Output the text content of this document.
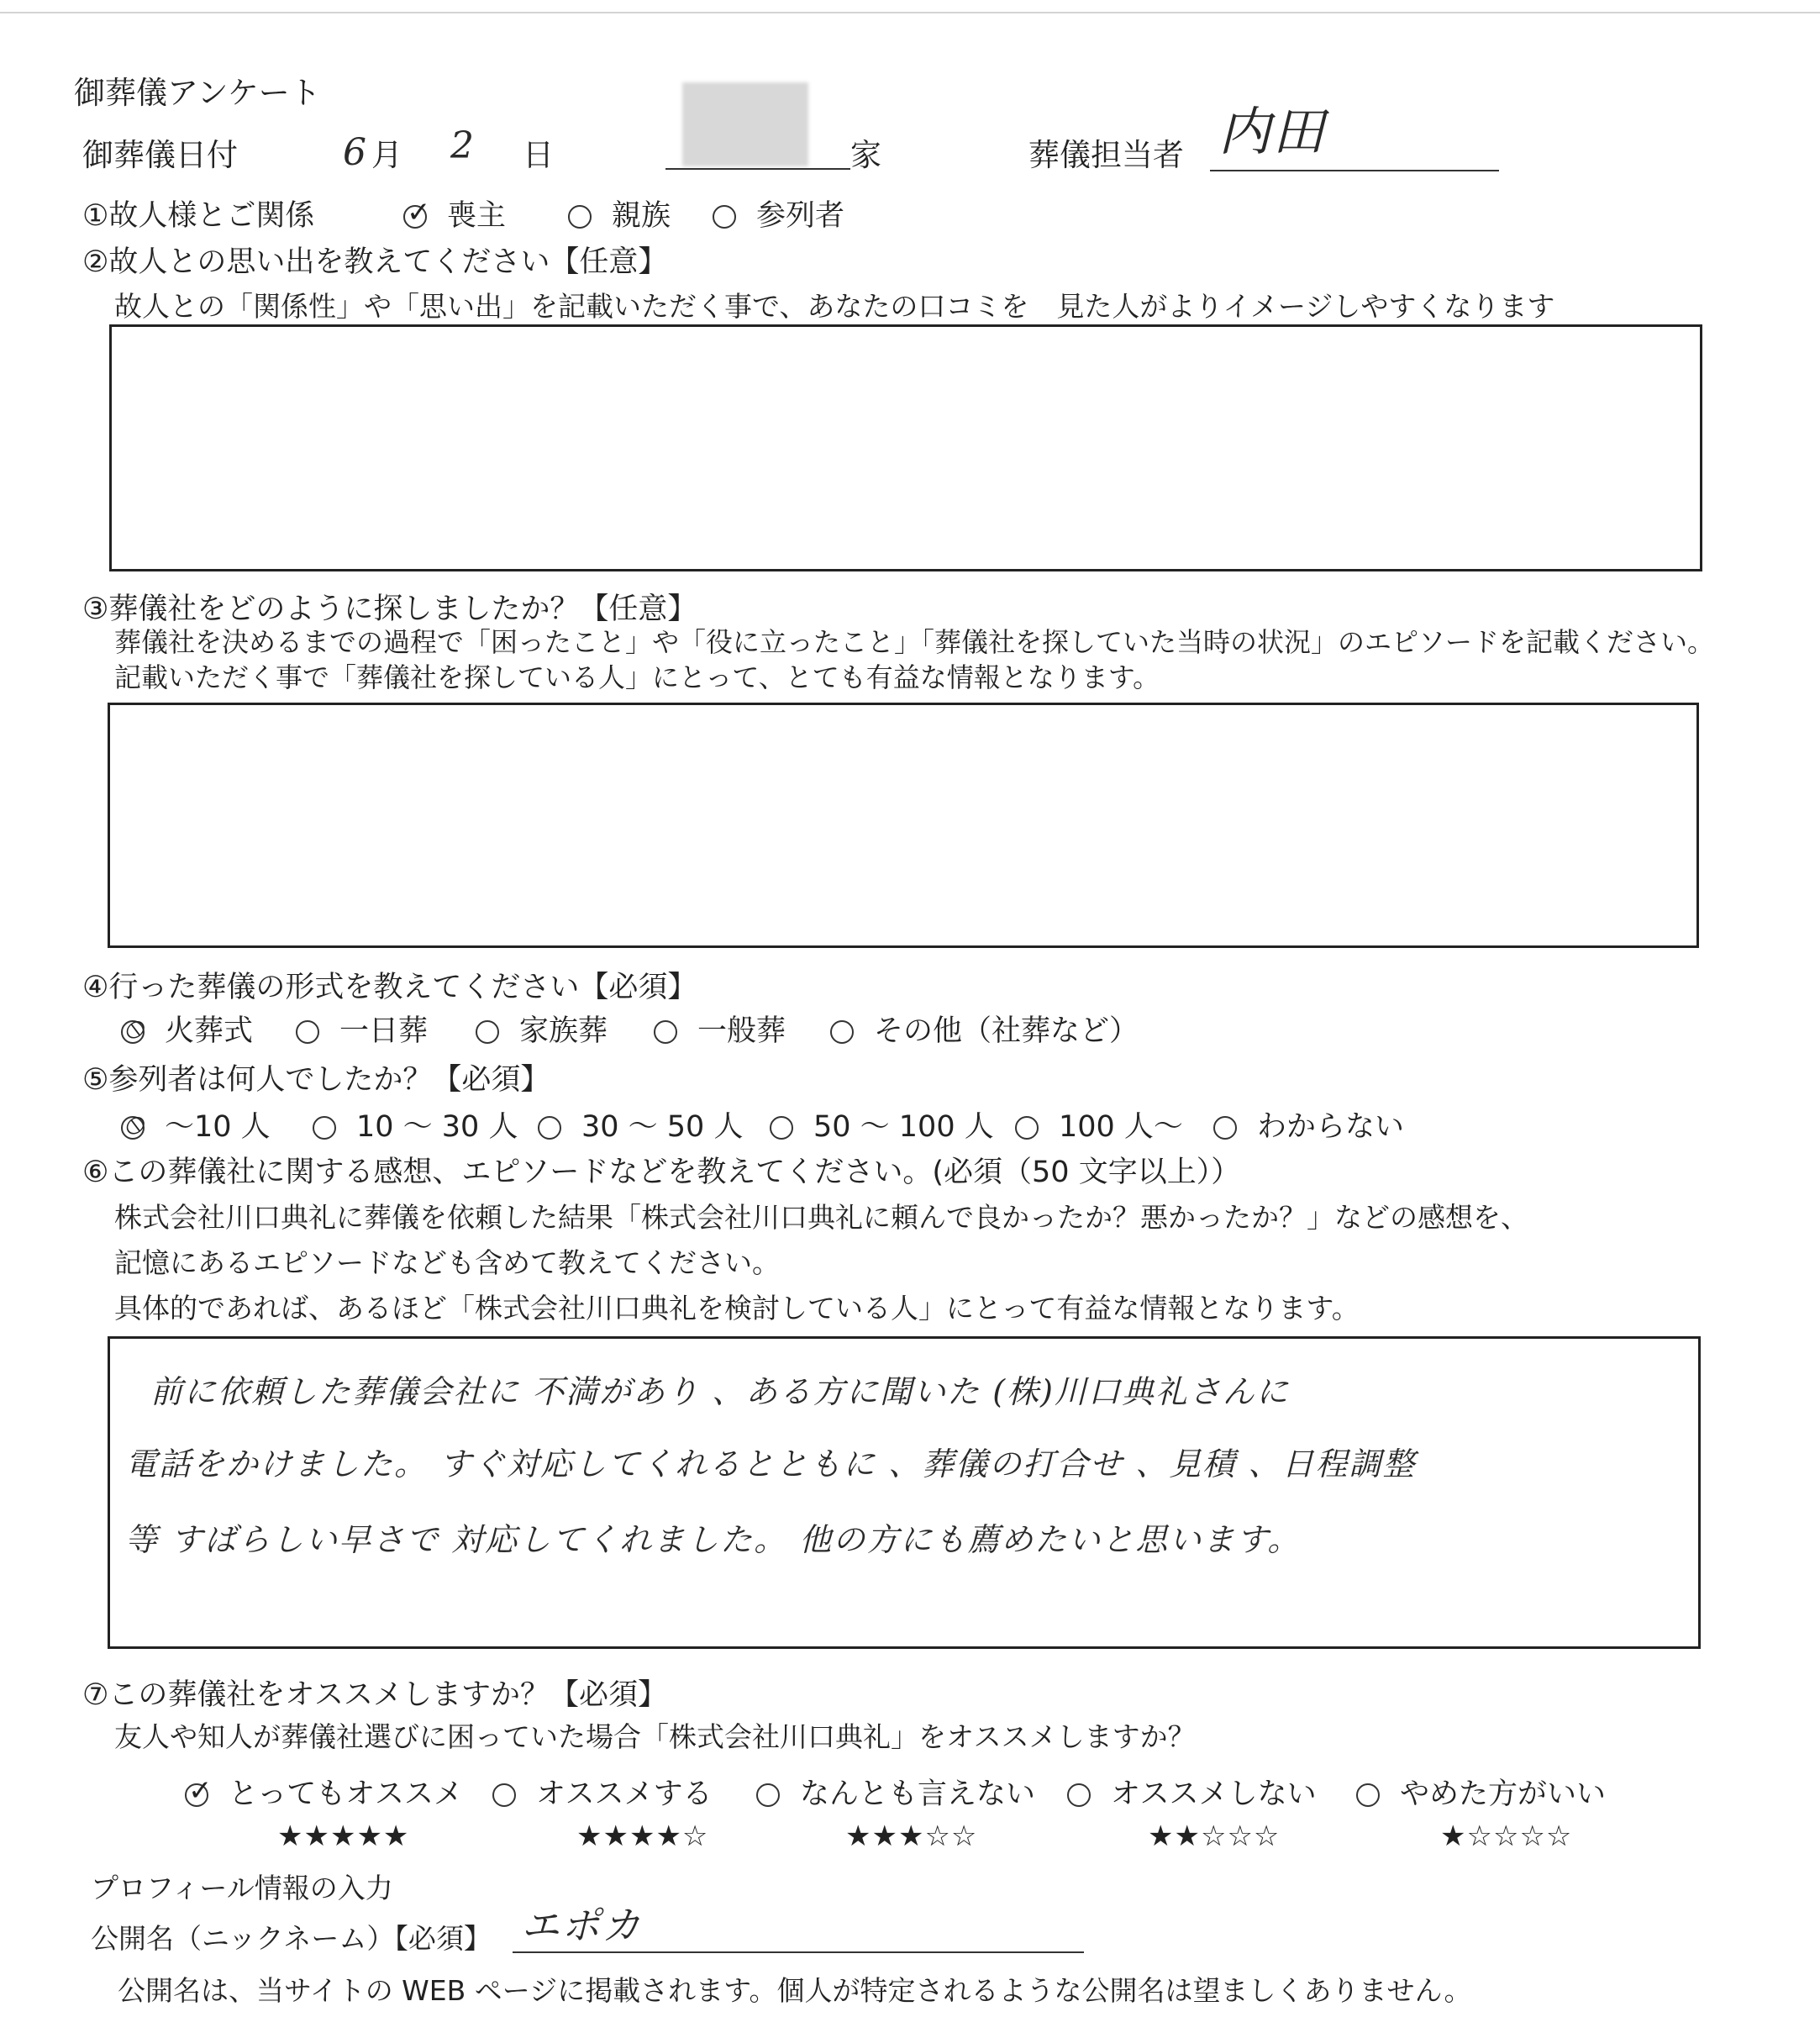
御葬儀アンケート
御葬儀日付	6 月 2 日	家	葬儀担当者 内田
①故人様とご関係	✓ 喪主	親族	参列者
②故人との思い出を教えてください【任意】
故人との「関係性」や「思い出」を記載いただく事で、あなたの口コミを　見た人がよりイメージしやすくなります
③葬儀社をどのように探しましたか？【任意】
葬儀社を決めるまでの過程で「困ったこと」や「役に立ったこと」「葬儀社を探していた当時の状況」のエピソードを記載ください。
記載いただく事で「葬儀社を探している人」にとって、とても有益な情報となります。
④行った葬儀の形式を教えてください【必須】
⦸ 火葬式	一日葬	家族葬	一般葬	その他（社葬など）
⑤参列者は何人でしたか？【必須】
⦸ ～10 人	10 ～ 30 人 30 ～ 50 人 50 ～ 100 人 100 人～	わからない
⑥この葬儀社に関する感想、エピソードなどを教えてください。(必須（50 文字以上））
株式会社川口典礼に葬儀を依頼した結果「株式会社川口典礼に頼んで良かったか？悪かったか？」などの感想を、
記憶にあるエピソードなども含めて教えてください。
具体的であれば、あるほど「株式会社川口典礼を検討している人」にとって有益な情報となります。
前に依頼した葬儀会社に 不満があり 、ある方に聞いた (株)川口典礼さんに
電話をかけました。 すぐ対応してくれるとともに 、葬儀の打合せ 、見積 、日程調整
等 すばらしい早さで 対応してくれました。 他の方にも薦めたいと思います。
⑦この葬儀社をオススメしますか？【必須】
友人や知人が葬儀社選びに困っていた場合「株式会社川口典礼」をオススメしますか？
✓ とってもオススメ
★★★★★
オススメする
★★★★☆
なんとも言えない
★★★☆☆
オススメしない
★★☆☆☆
やめた方がいい
★☆☆☆☆
プロフィール情報の入力
公開名（ニックネーム）【必須】 エポカ
公開名は、当サイトの WEB ページに掲載されます。個人が特定されるような公開名は望ましくありません。
